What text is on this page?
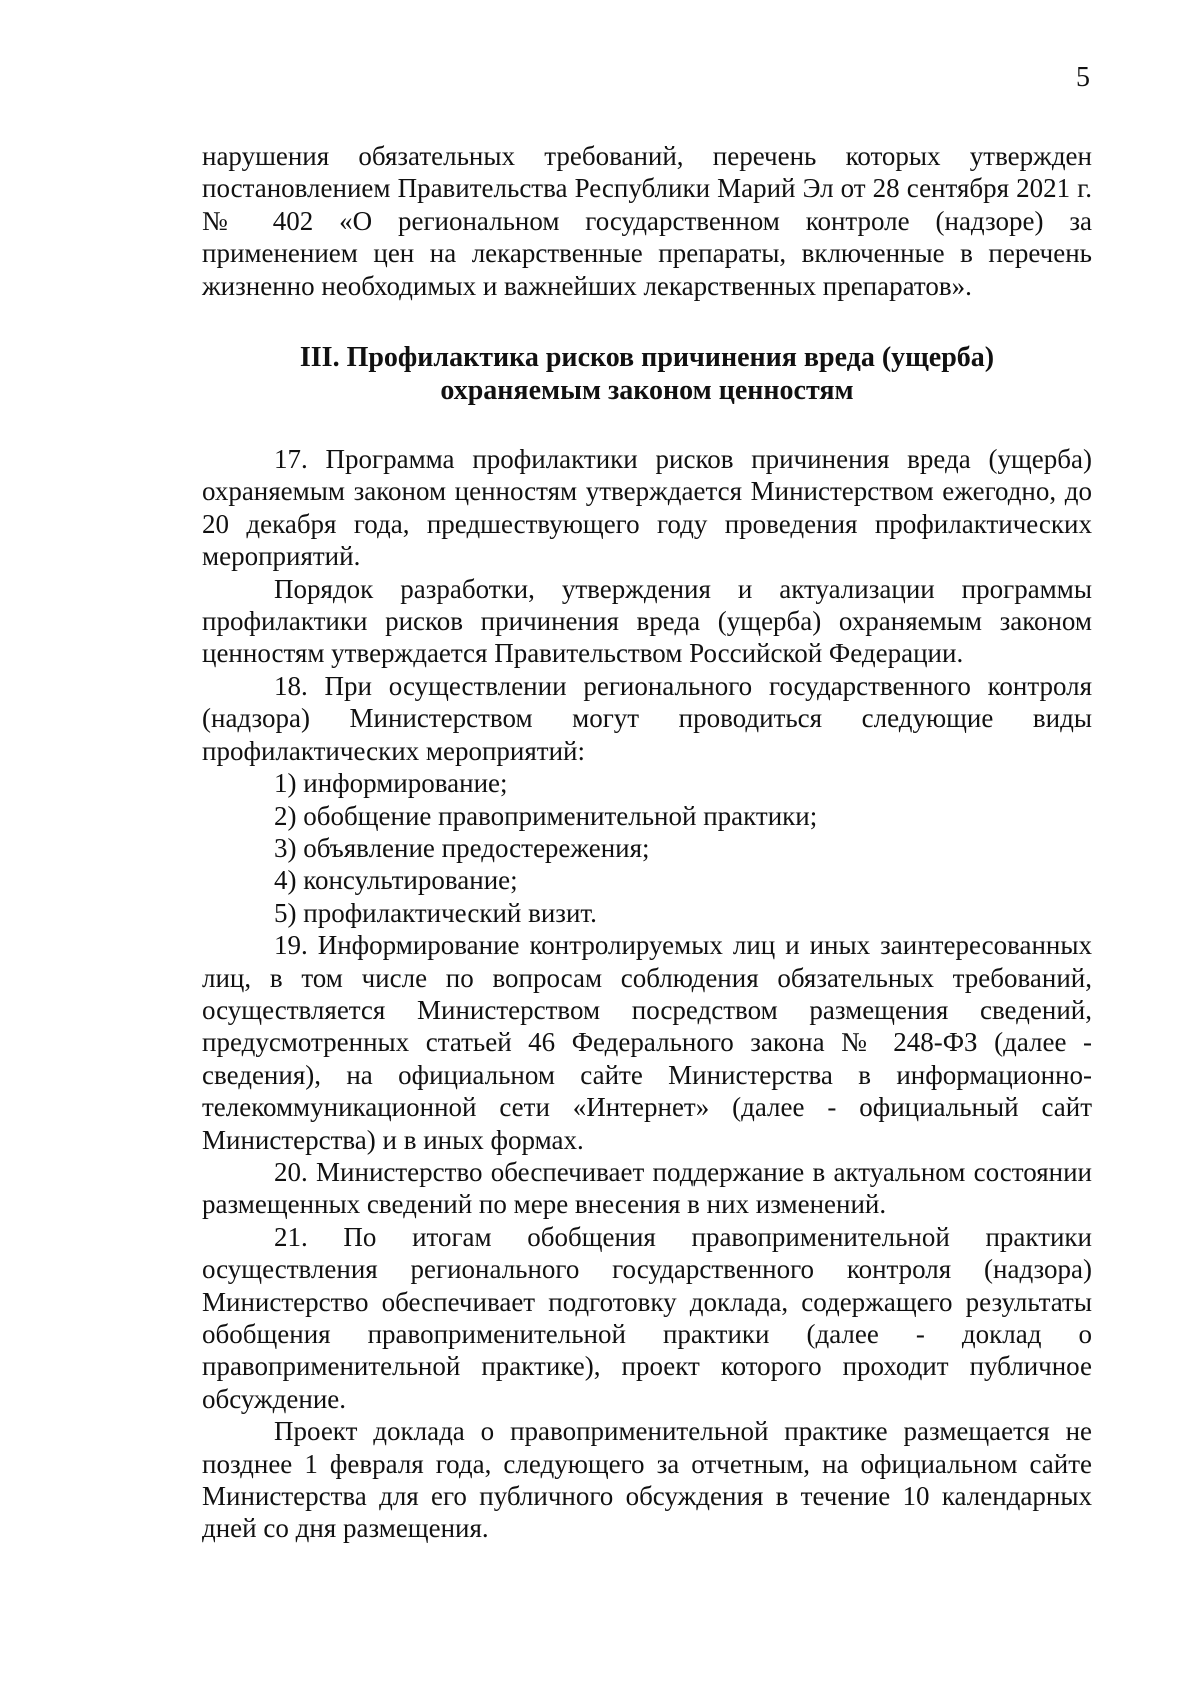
5

нарушения обязательных требований, перечень которых утвержден постановлением Правительства Республики Марий Эл от 28 сентября 2021 г. № 402 «О региональном государственном контроле (надзоре) за применением цен на лекарственные препараты, включенные в перечень жизненно необходимых и важнейших лекарственных препаратов».

III. Профилактика рисков причинения вреда (ущерба)
охраняемым законом ценностям

17. Программа профилактики рисков причинения вреда (ущерба) охраняемым законом ценностям утверждается Министерством ежегодно, до 20 декабря года, предшествующего году проведения профилактических мероприятий.

Порядок разработки, утверждения и актуализации программы профилактики рисков причинения вреда (ущерба) охраняемым законом ценностям утверждается Правительством Российской Федерации.

18. При осуществлении регионального государственного контроля (надзора) Министерством могут проводиться следующие виды профилактических мероприятий:

1) информирование;

2) обобщение правоприменительной практики;

3) объявление предостережения;

4) консультирование;

5) профилактический визит.

19. Информирование контролируемых лиц и иных заинтересованных лиц, в том числе по вопросам соблюдения обязательных требований, осуществляется Министерством посредством размещения сведений, предусмотренных статьей 46 Федерального закона № 248-ФЗ (далее - сведения), на официальном сайте Министерства в информационно-телекоммуникационной сети «Интернет» (далее - официальный сайт Министерства) и в иных формах.

20. Министерство обеспечивает поддержание в актуальном состоянии размещенных сведений по мере внесения в них изменений.

21. По итогам обобщения правоприменительной практики осуществления регионального государственного контроля (надзора) Министерство обеспечивает подготовку доклада, содержащего результаты обобщения правоприменительной практики (далее - доклад о правоприменительной практике), проект которого проходит публичное обсуждение.

Проект доклада о правоприменительной практике размещается не позднее 1 февраля года, следующего за отчетным, на официальном сайте Министерства для его публичного обсуждения в течение 10 календарных дней со дня размещения.
